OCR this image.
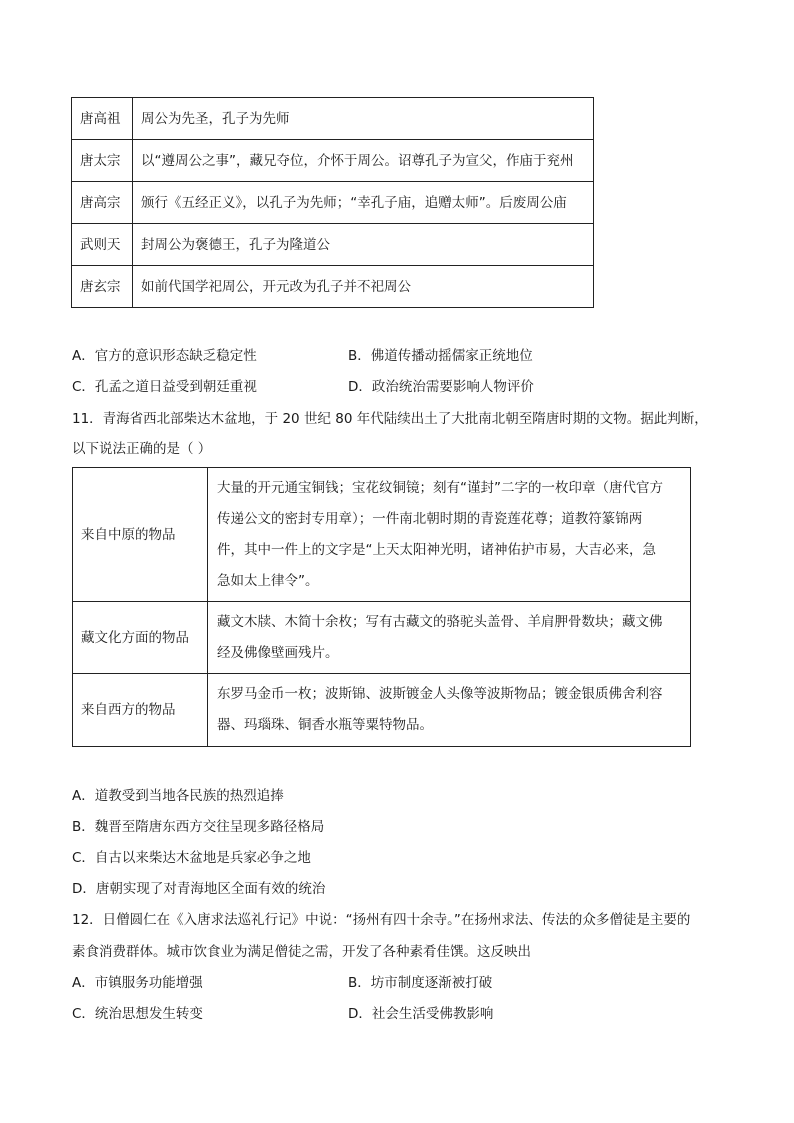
唐高祖	周公为先圣，孔子为先师
唐太宗	以“遵周公之事”，藏兄夺位，介怀于周公。诏尊孔子为宣父，作庙于兖州
唐高宗	颁行《五经正义》，以孔子为先师；“幸孔子庙，追赠太师”。后废周公庙
武则天	封周公为褒德王，孔子为隆道公
唐玄宗	如前代国学祀周公，开元改为孔子并不祀周公
A．官方的意识形态缺乏稳定性	B．佛道传播动摇儒家正统地位
C．孔孟之道日益受到朝廷重视	D．政治统治需要影响人物评价
11．青海省西北部柴达木盆地，于 20 世纪 80 年代陆续出土了大批南北朝至隋唐时期的文物。据此判断，
以下说法正确的是（ ）
来自中原的物品	大量的开元通宝铜钱；宝花纹铜镜；刻有“谨封”二字的一枚印章（唐代官方
传递公文的密封专用章）；一件南北朝时期的青瓷莲花尊；道教符篆锦两
件，其中一件上的文字是“上天太阳神光明，诸神佑护市易，大吉必来，急
急如太上律令”。

藏文化方面的物品	藏文木牍、木简十余枚；写有古藏文的骆驼头盖骨、羊肩胛骨数块；藏文佛
经及佛像壁画残片。

来自西方的物品	东罗马金币一枚；波斯锦、波斯镀金人头像等波斯物品；镀金银质佛舍利容
器、玛瑙珠、铜香水瓶等粟特物品。
A．道教受到当地各民族的热烈追捧
B．魏晋至隋唐东西方交往呈现多路径格局
C．自古以来柴达木盆地是兵家必争之地
D．唐朝实现了对青海地区全面有效的统治
12．日僧圆仁在《入唐求法巡礼行记》中说：“扬州有四十余寺。”在扬州求法、传法的众多僧徒是主要的
素食消费群体。城市饮食业为满足僧徒之需，开发了各种素肴佳馔。这反映出
A．市镇服务功能增强	B．坊市制度逐渐被打破
C．统治思想发生转变	D．社会生活受佛教影响
